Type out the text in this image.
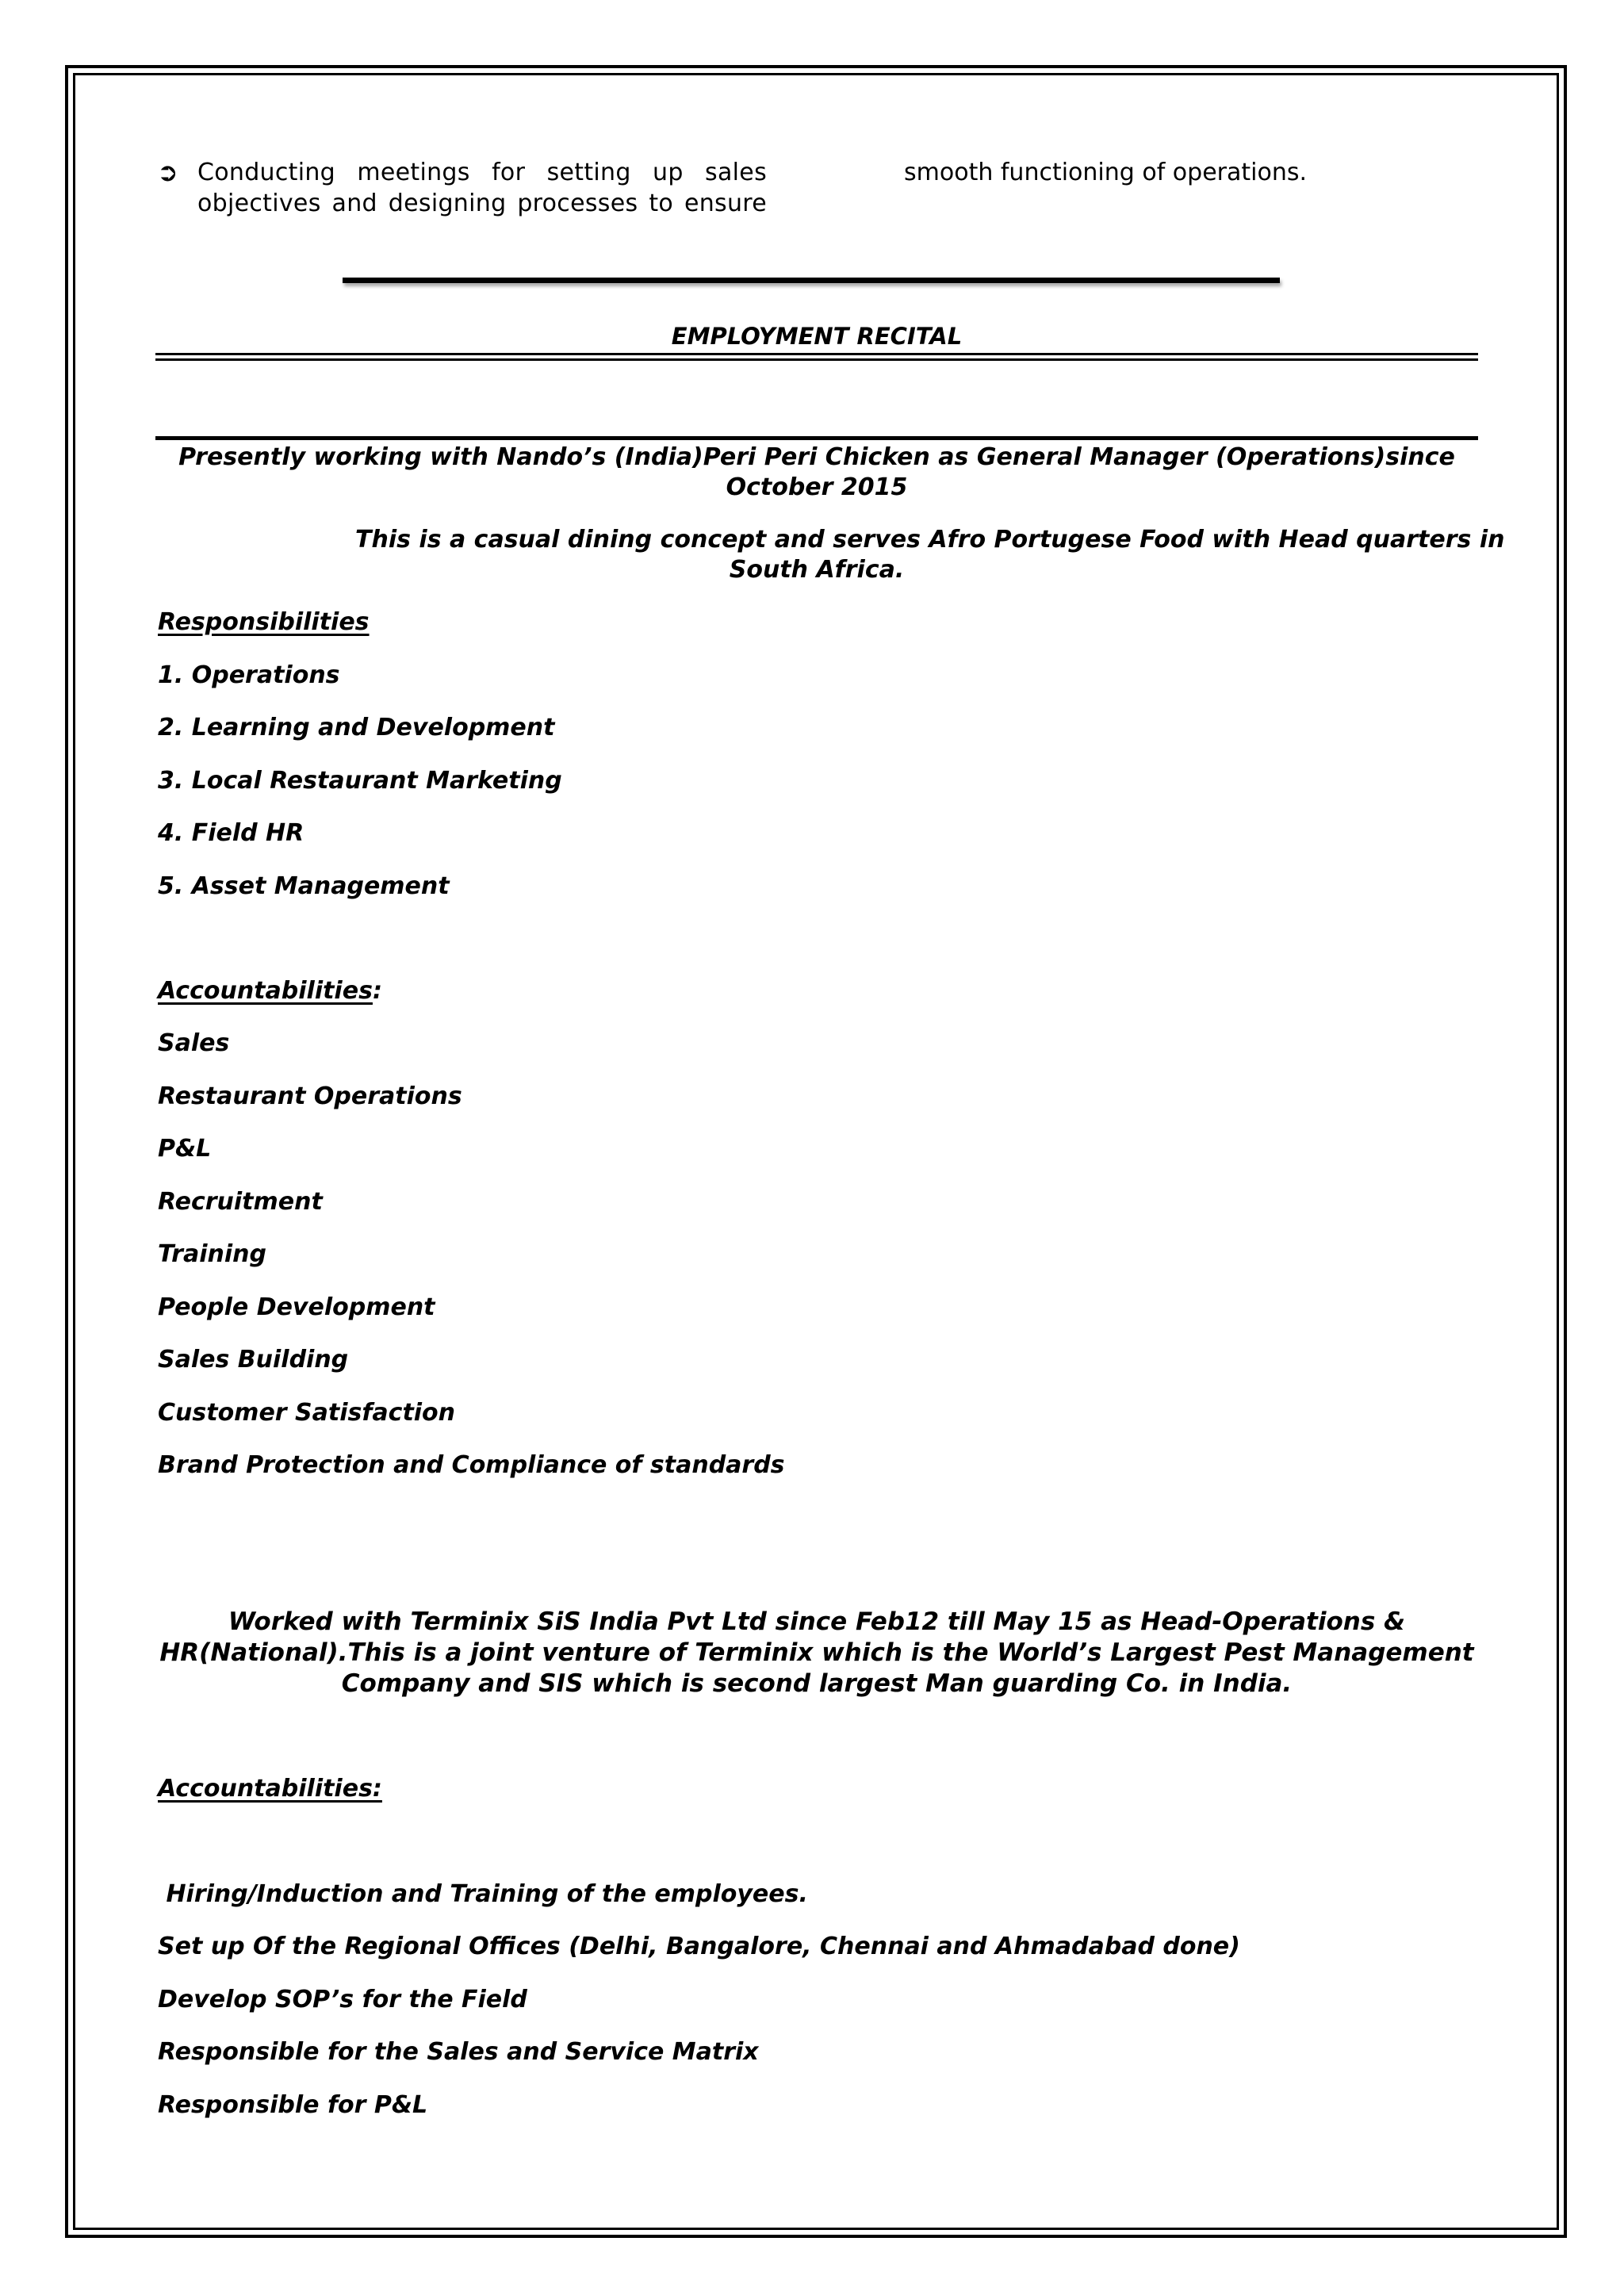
➲ Conducting meetings for setting up sales
objectives and designing processes to ensure
smooth functioning of operations.
EMPLOYMENT RECITAL
Presently working with Nando’s (India)Peri Peri Chicken as General Manager (Operations)since
October 2015
This is a casual dining concept and serves Afro Portugese Food with Head quarters in
South Africa.
Responsibilities
1. Operations
2. Learning and Development
3. Local Restaurant Marketing
4. Field HR
5. Asset Management
Accountabilities:
Sales
Restaurant Operations
P&L
Recruitment
Training
People Development
Sales Building
Customer Satisfaction
Brand Protection and Compliance of standards
Worked with Terminix SiS India Pvt Ltd since Feb12 till May 15 as Head-Operations &
HR(National).This is a joint venture of Terminix which is the World’s Largest Pest Management
Company and SIS which is second largest Man guarding Co. in India.
Accountabilities:
Hiring/Induction and Training of the employees.
Set up Of the Regional Offices (Delhi, Bangalore, Chennai and Ahmadabad done)
Develop SOP’s for the Field
Responsible for the Sales and Service Matrix
Responsible for P&L
